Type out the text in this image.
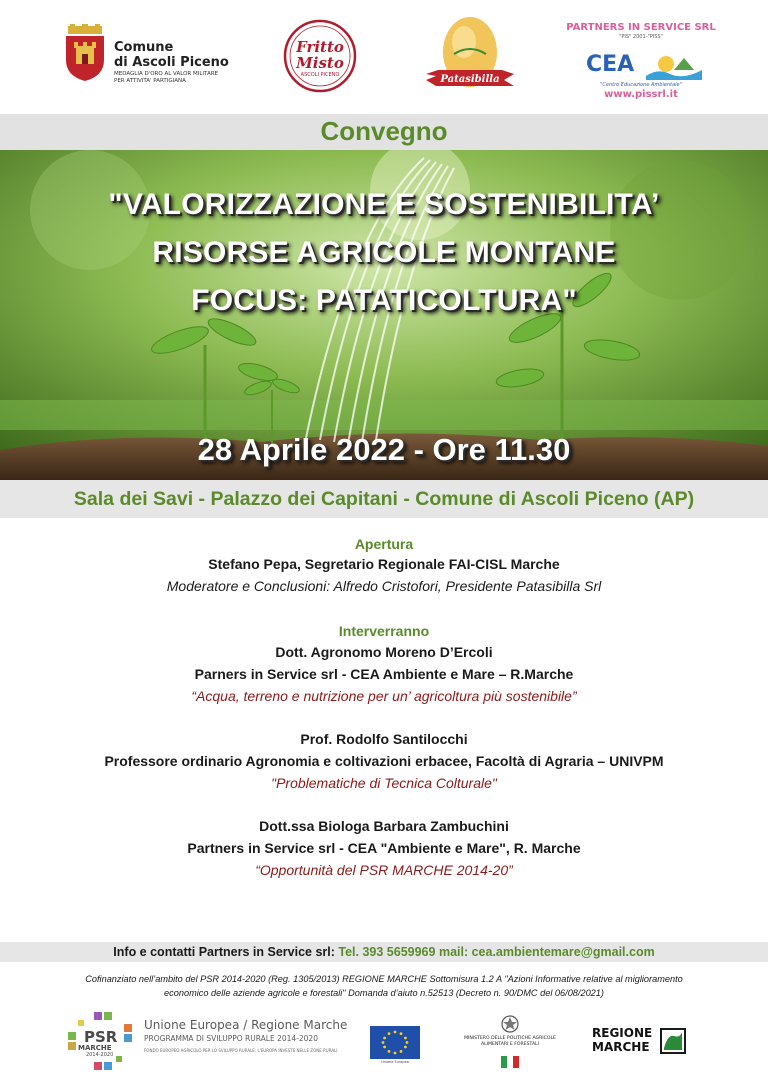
Comune
di Ascoli Piceno
MEDAGLIA D'ORO AL VALOR MILITARE
PER ATTIVITA' PARTIGIANA
Fritto
Misto
ASCOLI PICENO	Patasibilla
PARTNERS IN SERVICE SRL
"PIS" 2001-"PISS"
CEA
"Centro Educazione Ambientale"
www.pissrl.it
Convegno
"VALORIZZAZIONE E SOSTENIBILITA’
RISORSE AGRICOLE MONTANE
FOCUS: PATATICOLTURA"
28 Aprile 2022 - Ore 11.30
Sala dei Savi - Palazzo dei Capitani - Comune di Ascoli Piceno (AP)
Apertura
Stefano Pepa, Segretario Regionale FAI-CISL Marche
Moderatore e Conclusioni: Alfredo Cristofori, Presidente Patasibilla Srl
Interverranno
Dott. Agronomo Moreno D’Ercoli
Parners in Service srl - CEA Ambiente e Mare – R.Marche
“Acqua, terreno e nutrizione per un’ agricoltura più sostenibile”
Prof. Rodolfo Santilocchi
Professore ordinario Agronomia e coltivazioni erbacee, Facoltà di Agraria – UNIVPM
"Problematiche di Tecnica Colturale"
Dott.ssa Biologa Barbara Zambuchini
Partners in Service srl - CEA "Ambiente e Mare", R. Marche
“Opportunità del PSR MARCHE 2014-20”
Info e contatti Partners in Service srl: Tel. 393 5659969 mail: cea.ambientemare@gmail.com
Cofinanziato nell’ambito del PSR 2014-2020 (Reg. 1305/2013) REGIONE MARCHE Sottomisura 1.2 A "Azioni Informative relative al miglioramento
economico delle aziende agricole e forestali" Domanda d’aiuto n.52513 (Decreto n. 90/DMC del 06/08/2021)
PSR
MARCHE
2014-2020
Unione Europea / Regione Marche
PROGRAMMA DI SVILUPPO RURALE 2014-2020
FONDO EUROPEO AGRICOLO PER LO SVILUPPO RURALE: L'EUROPA INVESTE NELLE ZONE RURALI
Unione Europea
MINISTERO DELLE POLITICHE AGRICOLE
ALIMENTARI E FORESTALI
REGIONE
MARCHE
